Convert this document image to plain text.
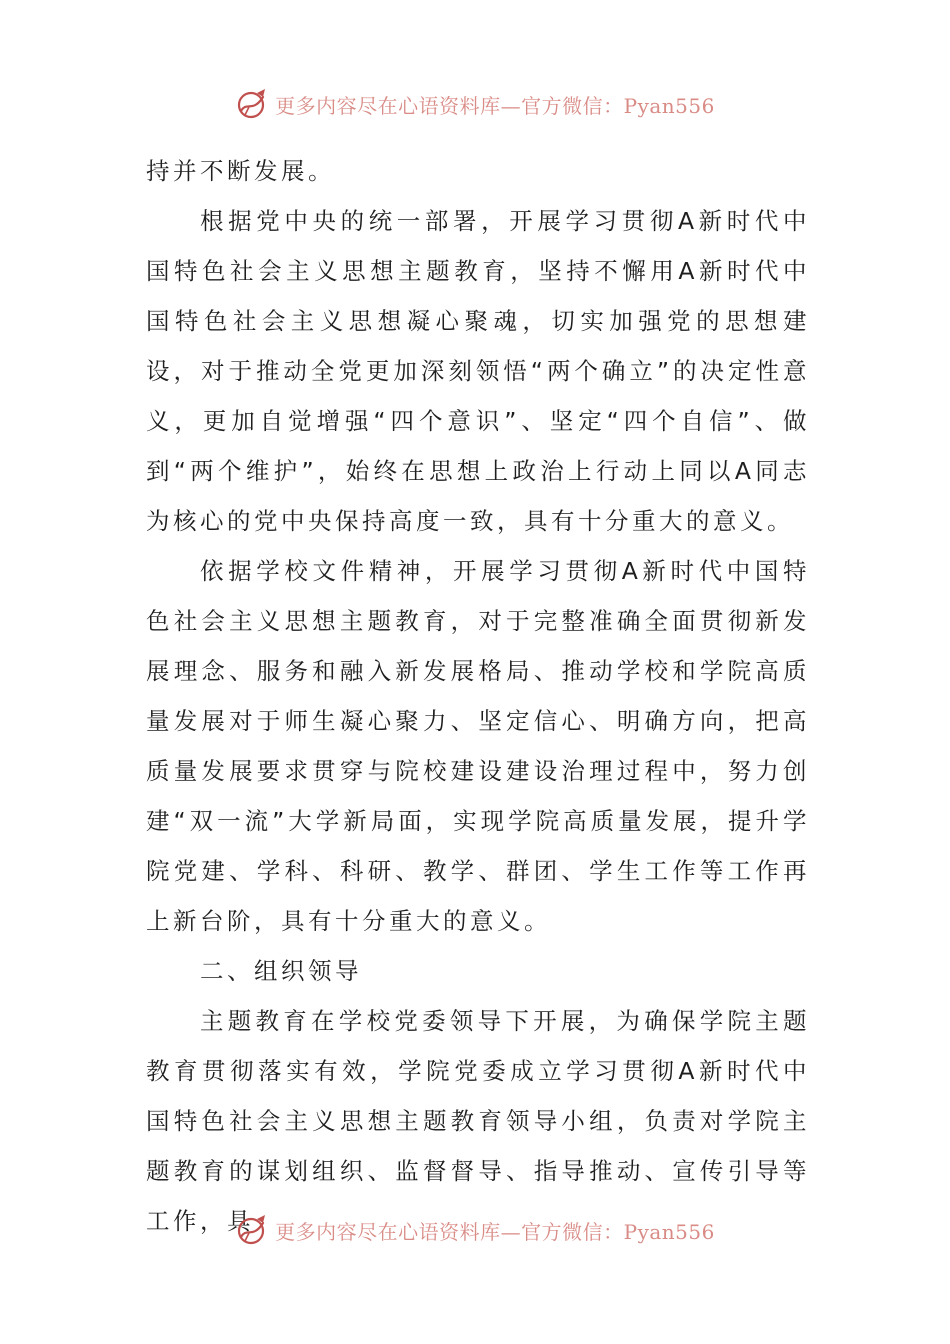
更多内容尽在心语资料库—官方微信：Pyan556

持并不断发展。

根据党中央的统一部署，开展学习贯彻A新时代中国特色社会主义思想主题教育，坚持不懈用A新时代中国特色社会主义思想凝心聚魂，切实加强党的思想建设，对于推动全党更加深刻领悟“两个确立”的决定性意义，更加自觉增强“四个意识”、坚定“四个自信”、做到“两个维护”，始终在思想上政治上行动上同以A同志为核心的党中央保持高度一致，具有十分重大的意义。

依据学校文件精神，开展学习贯彻A新时代中国特色社会主义思想主题教育，对于完整准确全面贯彻新发展理念、服务和融入新发展格局、推动学校和学院高质量发展对于师生凝心聚力、坚定信心、明确方向，把高质量发展要求贯穿与院校建设建设治理过程中，努力创建“双一流”大学新局面，实现学院高质量发展，提升学院党建、学科、科研、教学、群团、学生工作等工作再上新台阶，具有十分重大的意义。

二、组织领导

主题教育在学校党委领导下开展，为确保学院主题教育贯彻落实有效，学院党委成立学习贯彻A新时代中国特色社会主义思想主题教育领导小组，负责对学院主题教育的谋划组织、监督督导、指导推动、宣传引导等工作，具	更多内容尽在心语资料库—官方微信：Pyan556
